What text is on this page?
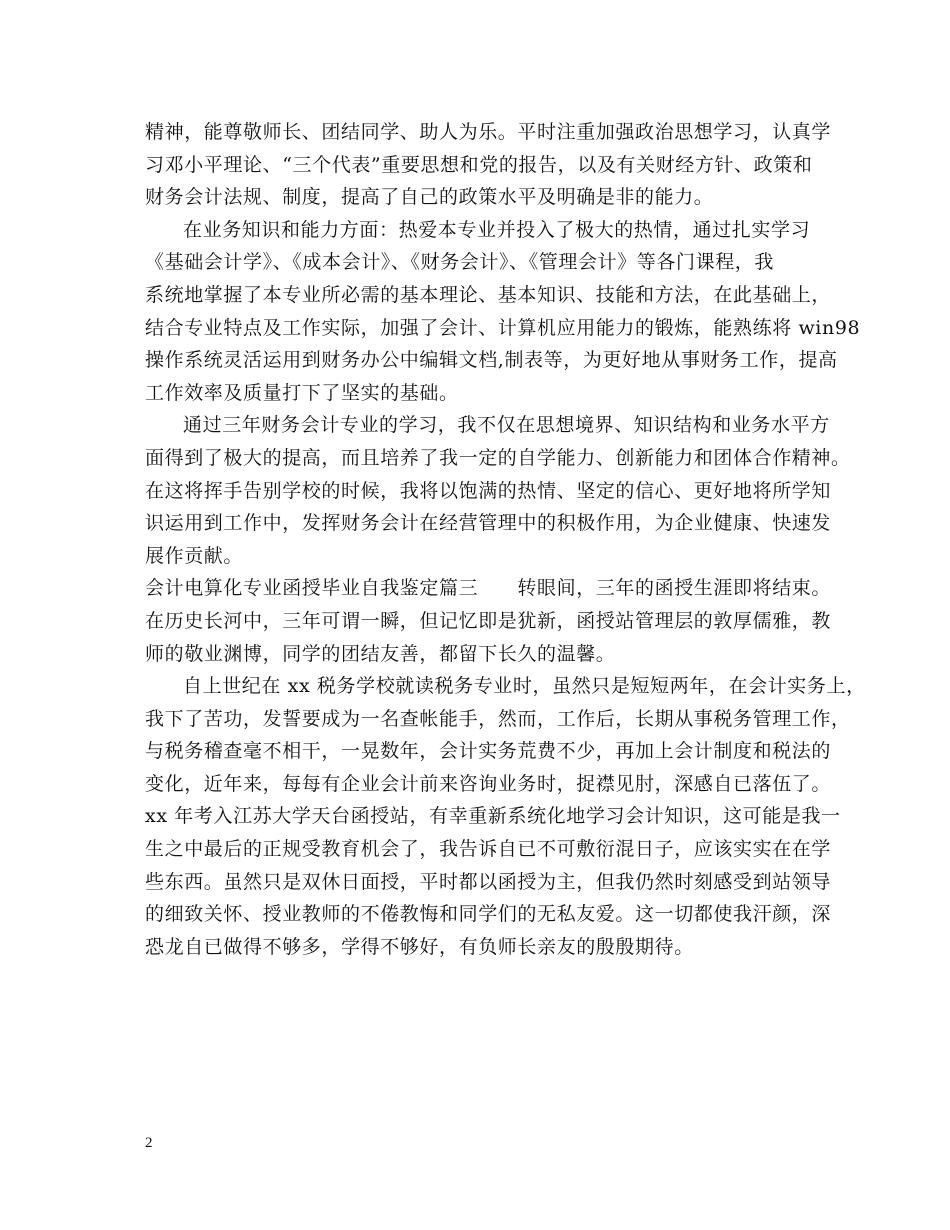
精神，能尊敬师长、团结同学、助人为乐。平时注重加强政治思想学习，认真学
习邓小平理论、“三个代表”重要思想和党的报告，以及有关财经方针、政策和
财务会计法规、制度，提高了自己的政策水平及明确是非的能力。
在业务知识和能力方面：热爱本专业并投入了极大的热情，通过扎实学习
《基础会计学》、《成本会计》、《财务会计》、《管理会计》等各门课程，我
系统地掌握了本专业所必需的基本理论、基本知识、技能和方法，在此基础上，
结合专业特点及工作实际，加强了会计、计算机应用能力的锻炼，能熟练将 win98
操作系统灵活运用到财务办公中编辑文档,制表等，为更好地从事财务工作，提高
工作效率及质量打下了坚实的基础。
通过三年财务会计专业的学习，我不仅在思想境界、知识结构和业务水平方
面得到了极大的提高，而且培养了我一定的自学能力、创新能力和团体合作精神。
在这将挥手告别学校的时候，我将以饱满的热情、坚定的信心、更好地将所学知
识运用到工作中，发挥财务会计在经营管理中的积极作用，为企业健康、快速发
展作贡献。
会计电算化专业函授毕业自我鉴定篇三　　转眼间，三年的函授生涯即将结束。
在历史长河中，三年可谓一瞬，但记忆即是犹新，函授站管理层的敦厚儒雅，教
师的敬业渊博，同学的团结友善，都留下长久的温馨。
自上世纪在 xx 税务学校就读税务专业时，虽然只是短短两年，在会计实务上，
我下了苦功，发誓要成为一名查帐能手，然而，工作后，长期从事税务管理工作，
与税务稽查毫不相干，一晃数年，会计实务荒费不少，再加上会计制度和税法的
变化，近年来，每每有企业会计前来咨询业务时，捉襟见肘，深感自已落伍了。
xx 年考入江苏大学天台函授站，有幸重新系统化地学习会计知识，这可能是我一
生之中最后的正规受教育机会了，我告诉自已不可敷衍混日子，应该实实在在学
些东西。虽然只是双休日面授，平时都以函授为主，但我仍然时刻感受到站领导
的细致关怀、授业教师的不倦教悔和同学们的无私友爱。这一切都使我汗颜，深
恐龙自已做得不够多，学得不够好，有负师长亲友的殷殷期待。
2
